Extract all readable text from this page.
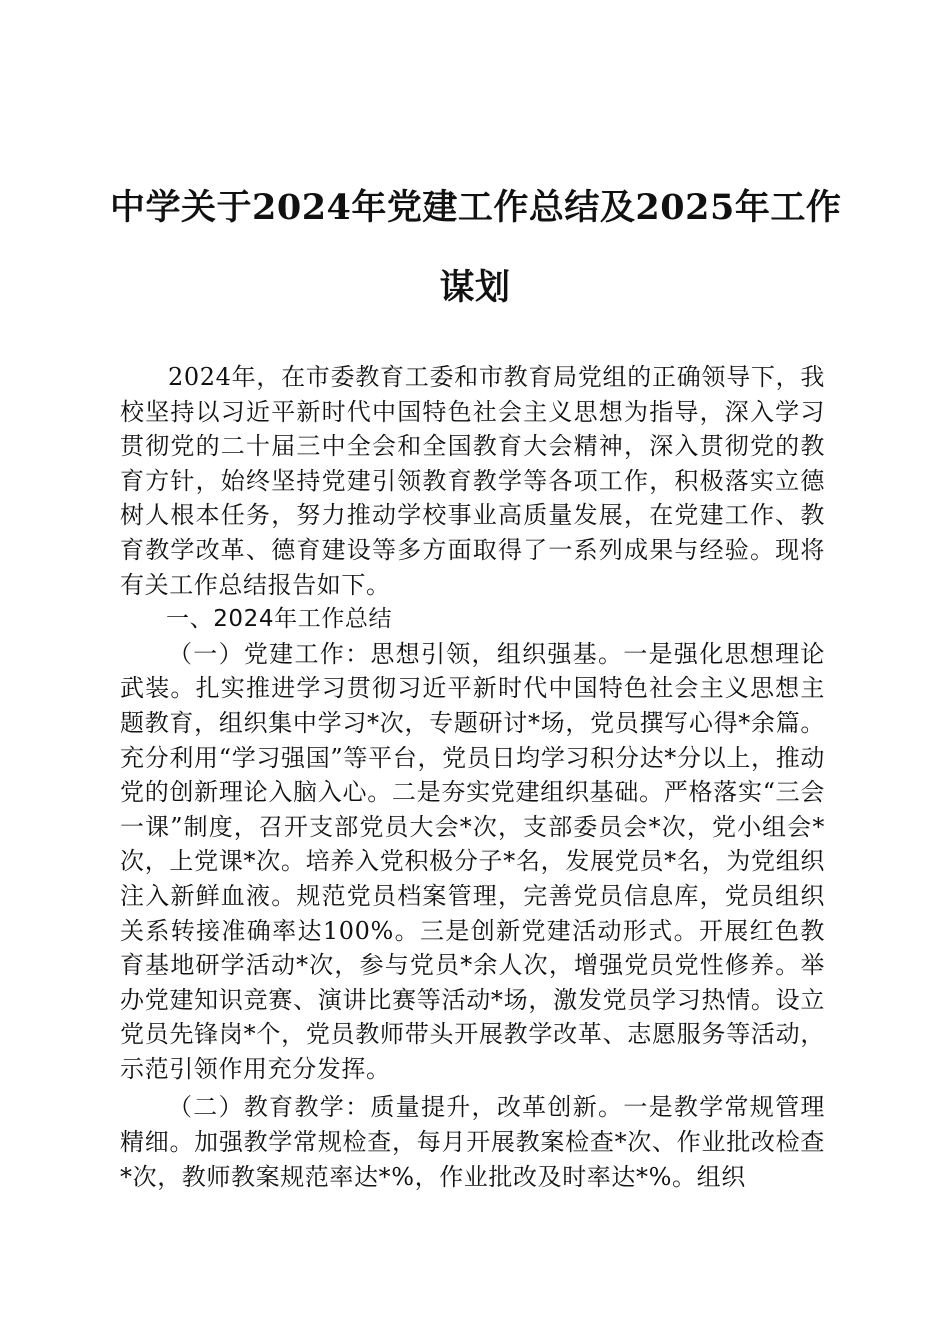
中学关于2024年党建工作总结及2025年工作
谋划

2024年，在市委教育工委和市教育局党组的正确领导下，我校坚持以习近平新时代中国特色社会主义思想为指导，深入学习贯彻党的二十届三中全会和全国教育大会精神，深入贯彻党的教育方针，始终坚持党建引领教育教学等各项工作，积极落实立德树人根本任务，努力推动学校事业高质量发展，在党建工作、教育教学改革、德育建设等多方面取得了一系列成果与经验。现将有关工作总结报告如下。

一、2024年工作总结

（一）党建工作：思想引领，组织强基。一是强化思想理论武装。扎实推进学习贯彻习近平新时代中国特色社会主义思想主题教育，组织集中学习*次，专题研讨*场，党员撰写心得*余篇。充分利用“学习强国”等平台，党员日均学习积分达*分以上，推动党的创新理论入脑入心。二是夯实党建组织基础。严格落实“三会一课”制度，召开支部党员大会*次，支部委员会*次，党小组会*次，上党课*次。培养入党积极分子*名，发展党员*名，为党组织注入新鲜血液。规范党员档案管理，完善党员信息库，党员组织关系转接准确率达100%。三是创新党建活动形式。开展红色教育基地研学活动*次，参与党员*余人次，增强党员党性修养。举办党建知识竞赛、演讲比赛等活动*场，激发党员学习热情。设立党员先锋岗*个，党员教师带头开展教学改革、志愿服务等活动，示范引领作用充分发挥。

（二）教育教学：质量提升，改革创新。一是教学常规管理精细。加强教学常规检查，每月开展教案检查*次、作业批改检查*次，教师教案规范率达*%，作业批改及时率达*%。组织
